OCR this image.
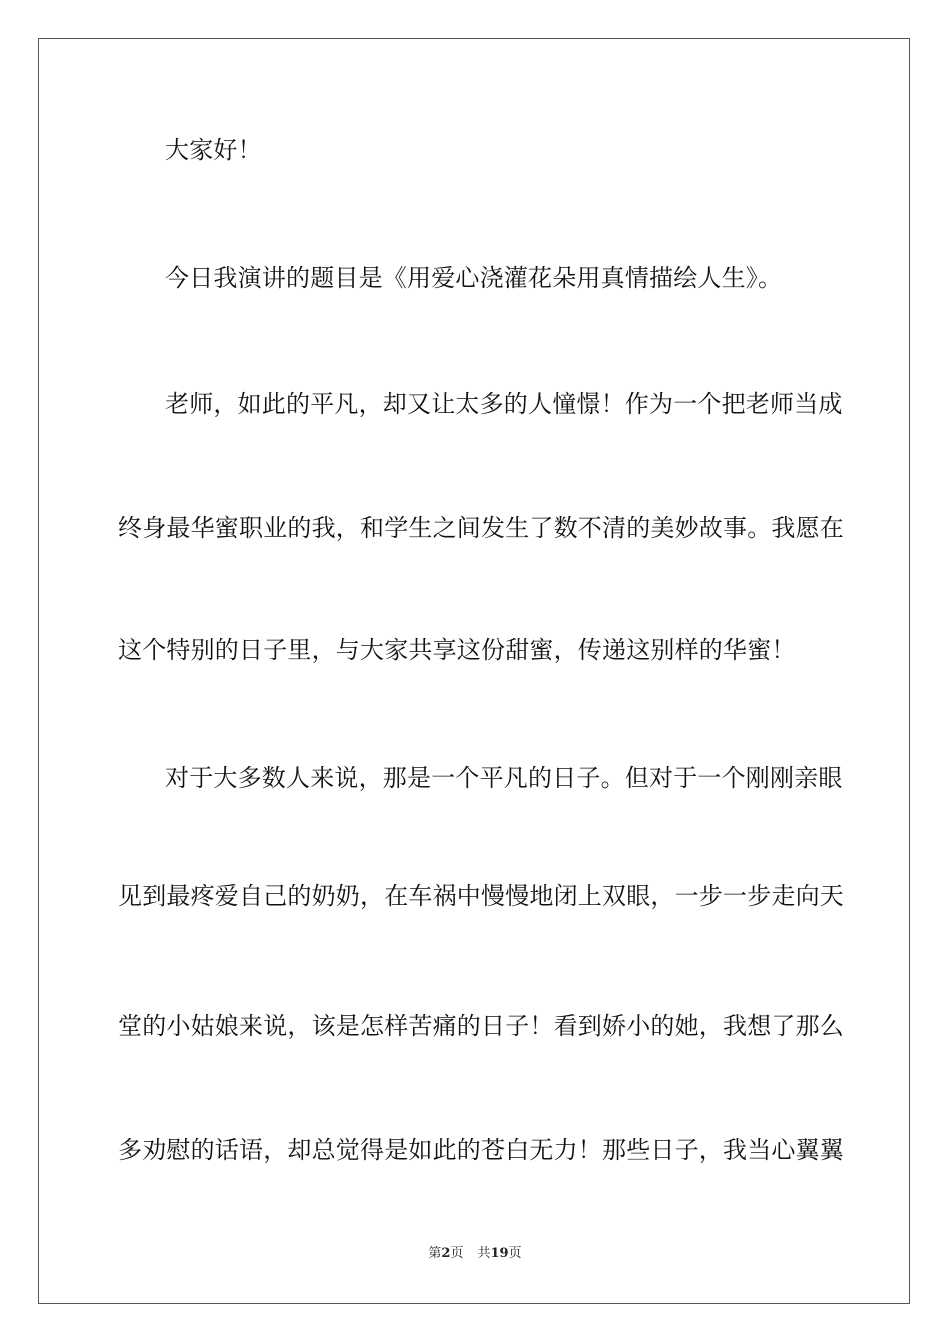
大家好！

今日我演讲的题目是《用爱心浇灌花朵用真情描绘人生》。

老师，如此的平凡，却又让太多的人憧憬！作为一个把老师当成

终身最华蜜职业的我，和学生之间发生了数不清的美妙故事。我愿在

这个特别的日子里，与大家共享这份甜蜜，传递这别样的华蜜！

对于大多数人来说，那是一个平凡的日子。但对于一个刚刚亲眼

见到最疼爱自己的奶奶，在车祸中慢慢地闭上双眼，一步一步走向天

堂的小姑娘来说，该是怎样苦痛的日子！看到娇小的她，我想了那么

多劝慰的话语，却总觉得是如此的苍白无力！那些日子，我当心翼翼

第2页 共19页
